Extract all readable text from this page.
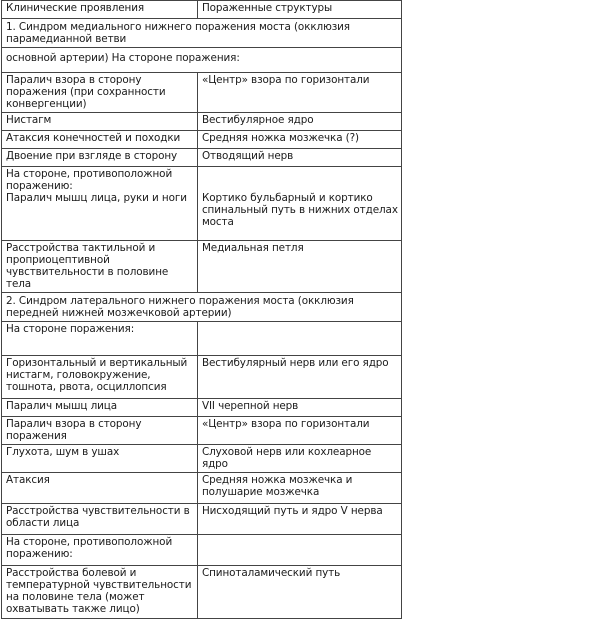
Клинические проявления	Пораженные структуры
1. Синдром медиального нижнего поражения моста (окклюзия парамедианной ветви	
основной артерии) На стороне поражения:	
Паралич взора в сторону поражения (при сохранности конвергенции)	«Центр» взора по горизонтали
Нистагм	Вестибулярное ядро
Атаксия конечностей и походки	Средняя ножка мозжечка (?)
Двоение при взгляде в сторону	Отводящий нерв

На стороне, противоположной поражению:
Паралич мышц лица, руки и ноги	Кортико бульбарный и кортико спинальный путь в нижних отделах моста

Расстройства тактильной и проприоцептивной чувствительности в половине тела	Медиальная петля
2. Синдром латерального нижнего поражения моста (окклюзия передней нижней мозжечковой артерии)	
На стороне поражения:	
Горизонтальный и вертикальный нистагм, головокружение, тошнота, рвота, осциллопсия	Вестибулярный нерв или его ядро
Паралич мышц лица	VII черепной нерв
Паралич взора в сторону поражения	«Центр» взора по горизонтали
Глухота, шум в ушах	Слуховой нерв или кохлеарное ядро
Атаксия	Средняя ножка мозжечка и полушарие мозжечка
Расстройства чувствительности в области лица	Нисходящий путь и ядро V нерва
На стороне, противоположной поражению:	
Расстройства болевой и температурной чувствительности на половине тела (может охватывать также лицо)	Спиноталамический путь
